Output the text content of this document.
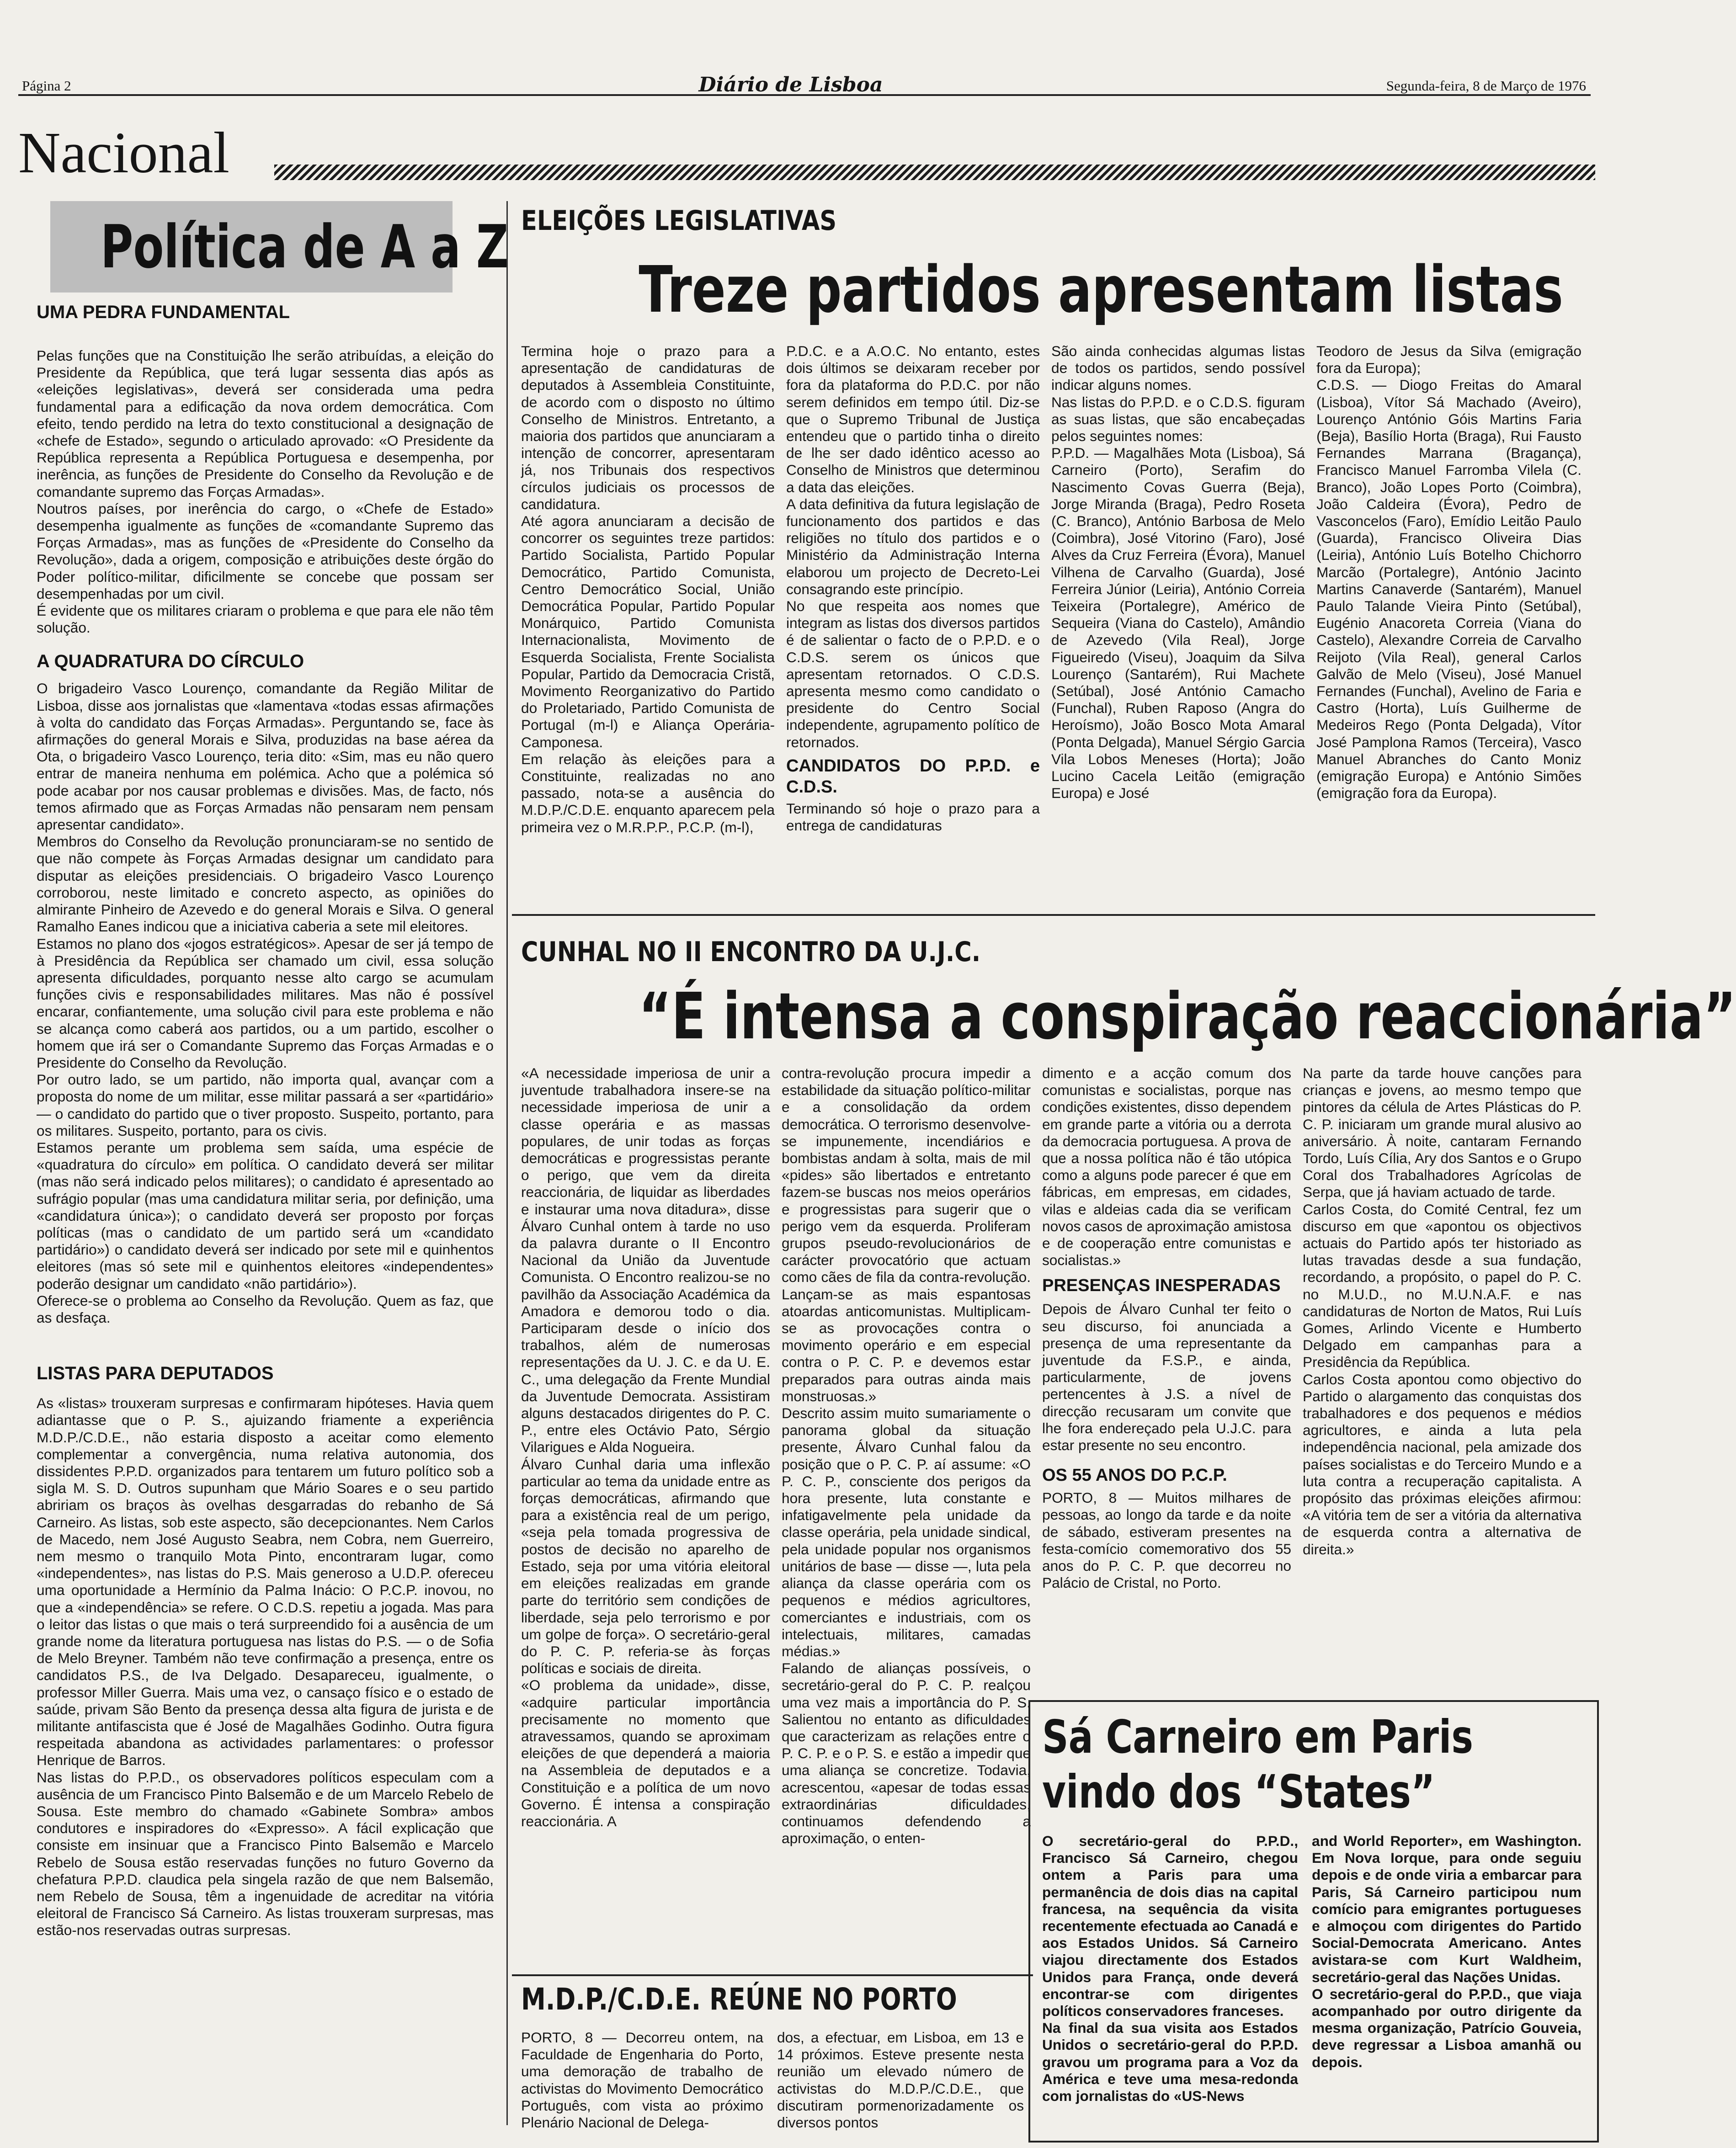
Página 2	Diário de Lisboa	Segunda-feira, 8 de Março de 1976
Nacional
Política de A a Z
UMA PEDRA FUNDAMENTAL

Pelas funções que na Constituição lhe serão atribuídas, a eleição do Presidente da República, que terá lugar sessenta dias após as «eleições legislativas», deverá ser considerada uma pedra fundamental para a edificação da nova ordem democrática. Com efeito, tendo perdido na letra do texto constitucional a designação de «chefe de Estado», segundo o articulado aprovado: «O Presidente da República representa a República Portuguesa e desempenha, por inerência, as funções de Presidente do Conselho da Revolução e de comandante supremo das Forças Armadas».

Noutros países, por inerência do cargo, o «Chefe de Estado» desempenha igualmente as funções de «comandante Supremo das Forças Armadas», mas as funções de «Presidente do Conselho da Revolução», dada a origem, composição e atribuições deste órgão do Poder político-militar, dificilmente se concebe que possam ser desempenhadas por um civil.

É evidente que os militares criaram o problema e que para ele não têm solução.

A QUADRATURA DO CÍRCULO

O brigadeiro Vasco Lourenço, comandante da Região Militar de Lisboa, disse aos jornalistas que «lamentava «todas essas afirmações à volta do candidato das Forças Armadas». Perguntando se, face às afirmações do general Morais e Silva, produzidas na base aérea da Ota, o brigadeiro Vasco Lourenço, teria dito: «Sim, mas eu não quero entrar de maneira nenhuma em polémica. Acho que a polémica só pode acabar por nos causar problemas e divisões. Mas, de facto, nós temos afirmado que as Forças Armadas não pensaram nem pensam apresentar candidato».

Membros do Conselho da Revolução pronunciaram-se no sentido de que não compete às Forças Armadas designar um candidato para disputar as eleições presidenciais. O brigadeiro Vasco Lourenço corroborou, neste limitado e concreto aspecto, as opiniões do almirante Pinheiro de Azevedo e do general Morais e Silva. O general Ramalho Eanes indicou que a iniciativa caberia a sete mil eleitores.

Estamos no plano dos «jogos estratégicos». Apesar de ser já tempo de à Presidência da República ser chamado um civil, essa solução apresenta dificuldades, porquanto nesse alto cargo se acumulam funções civis e responsabilidades militares. Mas não é possível encarar, confiantemente, uma solução civil para este problema e não se alcança como caberá aos partidos, ou a um partido, escolher o homem que irá ser o Comandante Supremo das Forças Armadas e o Presidente do Conselho da Revolução.

Por outro lado, se um partido, não importa qual, avançar com a proposta do nome de um militar, esse militar passará a ser «partidário» — o candidato do partido que o tiver proposto. Suspeito, portanto, para os militares. Suspeito, portanto, para os civis.

Estamos perante um problema sem saída, uma espécie de «quadratura do círculo» em política. O candidato deverá ser militar (mas não será indicado pelos militares); o candidato é apresentado ao sufrágio popular (mas uma candidatura militar seria, por definição, uma «candidatura única»); o candidato deverá ser proposto por forças políticas (mas o candidato de um partido será um «candidato partidário») o candidato deverá ser indicado por sete mil e quinhentos eleitores (mas só sete mil e quinhentos eleitores «independentes» poderão designar um candidato «não partidário»).

Oferece-se o problema ao Conselho da Revolução. Quem as faz, que as desfaça.

LISTAS PARA DEPUTADOS

As «listas» trouxeram surpresas e confirmaram hipóteses. Havia quem adiantasse que o P. S., ajuizando friamente a experiência M.D.P./C.D.E., não estaria disposto a aceitar como elemento complementar a convergência, numa relativa autonomia, dos dissidentes P.P.D. organizados para tentarem um futuro político sob a sigla M. S. D. Outros supunham que Mário Soares e o seu partido abririam os braços às ovelhas desgarradas do rebanho de Sá Carneiro. As listas, sob este aspecto, são decepcionantes. Nem Carlos de Macedo, nem José Augusto Seabra, nem Cobra, nem Guerreiro, nem mesmo o tranquilo Mota Pinto, encontraram lugar, como «independentes», nas listas do P.S. Mais generoso a U.D.P. ofereceu uma oportunidade a Hermínio da Palma Inácio: O P.C.P. inovou, no que a «independência» se refere. O C.D.S. repetiu a jogada. Mas para o leitor das listas o que mais o terá surpreendido foi a ausência de um grande nome da literatura portuguesa nas listas do P.S. — o de Sofia de Melo Breyner. Também não teve confirmação a presença, entre os candidatos P.S., de Iva Delgado. Desapareceu, igualmente, o professor Miller Guerra. Mais uma vez, o cansaço físico e o estado de saúde, privam São Bento da presença dessa alta figura de jurista e de militante antifascista que é José de Magalhães Godinho. Outra figura respeitada abandona as actividades parlamentares: o professor Henrique de Barros.

Nas listas do P.P.D., os observadores políticos especulam com a ausência de um Francisco Pinto Balsemão e de um Marcelo Rebelo de Sousa. Este membro do chamado «Gabinete Sombra» ambos condutores e inspiradores do «Expresso». A fácil explicação que consiste em insinuar que a Francisco Pinto Balsemão e Marcelo Rebelo de Sousa estão reservadas funções no futuro Governo da chefatura P.P.D. claudica pela singela razão de que nem Balsemão, nem Rebelo de Sousa, têm a ingenuidade de acreditar na vitória eleitoral de Francisco Sá Carneiro. As listas trouxeram surpresas, mas estão-nos reservadas outras surpresas.

ELEIÇÕES LEGISLATIVAS
Treze partidos apresentam listas

Termina hoje o prazo para a apresentação de candidaturas de deputados à Assembleia Constituinte, de acordo com o disposto no último Conselho de Ministros. Entretanto, a maioria dos partidos que anunciaram a intenção de concorrer, apresentaram já, nos Tribunais dos respectivos círculos judiciais os processos de candidatura.

Até agora anunciaram a decisão de concorrer os seguintes treze partidos: Partido Socialista, Partido Popular Democrático, Partido Comunista, Centro Democrático Social, União Democrática Popular, Partido Popular Monárquico, Partido Comunista Internacionalista, Movimento de Esquerda Socialista, Frente Socialista Popular, Partido da Democracia Cristã, Movimento Reorganizativo do Partido do Proletariado, Partido Comunista de Portugal (m-l) e Aliança Operária-Camponesa.

Em relação às eleições para a Constituinte, realizadas no ano passado, nota-se a ausência do M.D.P./C.D.E. enquanto aparecem pela primeira vez o M.R.P.P., P.C.P. (m-l),

P.D.C. e a A.O.C. No entanto, estes dois últimos se deixaram receber por fora da plataforma do P.D.C. por não serem definidos em tempo útil. Diz-se que o Supremo Tribunal de Justiça entendeu que o partido tinha o direito de lhe ser dado idêntico acesso ao Conselho de Ministros que determinou a data das eleições.

A data definitiva da futura legislação de funcionamento dos partidos e das religiões no título dos partidos e o Ministério da Administração Interna elaborou um projecto de Decreto-Lei consagrando este princípio.

No que respeita aos nomes que integram as listas dos diversos partidos é de salientar o facto de o P.P.D. e o C.D.S. serem os únicos que apresentam retornados. O C.D.S. apresenta mesmo como candidato o presidente do Centro Social independente, agrupamento político de retornados.

CANDIDATOS DO P.P.D. e C.D.S.

Terminando só hoje o prazo para a entrega de candidaturas

São ainda conhecidas algumas listas de todos os partidos, sendo possível indicar alguns nomes.

Nas listas do P.P.D. e o C.D.S. figuram as suas listas, que são encabeçadas pelos seguintes nomes:

P.P.D. — Magalhães Mota (Lisboa), Sá Carneiro (Porto), Serafim do Nascimento Covas Guerra (Beja), Jorge Miranda (Braga), Pedro Roseta (C. Branco), António Barbosa de Melo (Coimbra), José Vitorino (Faro), José Alves da Cruz Ferreira (Évora), Manuel Vilhena de Carvalho (Guarda), José Ferreira Júnior (Leiria), António Correia Teixeira (Portalegre), Américo de Sequeira (Viana do Castelo), Amândio de Azevedo (Vila Real), Jorge Figueiredo (Viseu), Joaquim da Silva Lourenço (Santarém), Rui Machete (Setúbal), José António Camacho (Funchal), Ruben Raposo (Angra do Heroísmo), João Bosco Mota Amaral (Ponta Delgada), Manuel Sérgio Garcia Vila Lobos Meneses (Horta); João Lucino Cacela Leitão (emigração Europa) e José

Teodoro de Jesus da Silva (emigração fora da Europa);

C.D.S. — Diogo Freitas do Amaral (Lisboa), Vítor Sá Machado (Aveiro), Lourenço António Góis Martins Faria (Beja), Basílio Horta (Braga), Rui Fausto Fernandes Marrana (Bragança), Francisco Manuel Farromba Vilela (C. Branco), João Lopes Porto (Coimbra), João Caldeira (Évora), Pedro de Vasconcelos (Faro), Emídio Leitão Paulo (Guarda), Francisco Oliveira Dias (Leiria), António Luís Botelho Chichorro Marcão (Portalegre), António Jacinto Martins Canaverde (Santarém), Manuel Paulo Talande Vieira Pinto (Setúbal), Eugénio Anacoreta Correia (Viana do Castelo), Alexandre Correia de Carvalho Reijoto (Vila Real), general Carlos Galvão de Melo (Viseu), José Manuel Fernandes (Funchal), Avelino de Faria e Castro (Horta), Luís Guilherme de Medeiros Rego (Ponta Delgada), Vítor José Pamplona Ramos (Terceira), Vasco Manuel Abranches do Canto Moniz (emigração Europa) e António Simões (emigração fora da Europa).

CUNHAL NO II ENCONTRO DA U.J.C.
“É intensa a conspiração reaccionária”

«A necessidade imperiosa de unir a juventude trabalhadora insere-se na necessidade imperiosa de unir a classe operária e as massas populares, de unir todas as forças democráticas e progressistas perante o perigo, que vem da direita reaccionária, de liquidar as liberdades e instaurar uma nova ditadura», disse Álvaro Cunhal ontem à tarde no uso da palavra durante o II Encontro Nacional da União da Juventude Comunista. O Encontro realizou-se no pavilhão da Associação Académica da Amadora e demorou todo o dia. Participaram desde o início dos trabalhos, além de numerosas representações da U. J. C. e da U. E. C., uma delegação da Frente Mundial da Juventude Democrata. Assistiram alguns destacados dirigentes do P. C. P., entre eles Octávio Pato, Sérgio Vilarigues e Alda Nogueira.

Álvaro Cunhal daria uma inflexão particular ao tema da unidade entre as forças democráticas, afirmando que para a existência real de um perigo, «seja pela tomada progressiva de postos de decisão no aparelho de Estado, seja por uma vitória eleitoral em eleições realizadas em grande parte do território sem condições de liberdade, seja pelo terrorismo e por um golpe de força». O secretário-geral do P. C. P. referia-se às forças políticas e sociais de direita.

«O problema da unidade», disse, «adquire particular importância precisamente no momento que atravessamos, quando se aproximam eleições de que dependerá a maioria na Assembleia de deputados e a Constituição e a política de um novo Governo. É intensa a conspiração reaccionária. A

contra-revolução procura impedir a estabilidade da situação político-militar e a consolidação da ordem democrática. O terrorismo desenvolve-se impunemente, incendiários e bombistas andam à solta, mais de mil «pides» são libertados e entretanto fazem-se buscas nos meios operários e progressistas para sugerir que o perigo vem da esquerda. Proliferam grupos pseudo-revolucionários de carácter provocatório que actuam como cães de fila da contra-revolução. Lançam-se as mais espantosas atoardas anticomunistas. Multiplicam-se as provocações contra o movimento operário e em especial contra o P. C. P. e devemos estar preparados para outras ainda mais monstruosas.»

Descrito assim muito sumariamente o panorama global da situação presente, Álvaro Cunhal falou da posição que o P. C. P. aí assume: «O P. C. P., consciente dos perigos da hora presente, luta constante e infatigavelmente pela unidade da classe operária, pela unidade sindical, pela unidade popular nos organismos unitários de base — disse —, luta pela aliança da classe operária com os pequenos e médios agricultores, comerciantes e industriais, com os intelectuais, militares, camadas médias.»

Falando de alianças possíveis, o secretário-geral do P. C. P. realçou uma vez mais a importância do P. S. Salientou no entanto as dificuldades que caracterizam as relações entre o P. C. P. e o P. S. e estão a impedir que uma aliança se concretize. Todavia, acrescentou, «apesar de todas essas extraordinárias dificuldades, continuamos defendendo a aproximação, o enten-

dimento e a acção comum dos comunistas e socialistas, porque nas condições existentes, disso dependem em grande parte a vitória ou a derrota da democracia portuguesa. A prova de que a nossa política não é tão utópica como a alguns pode parecer é que em fábricas, em empresas, em cidades, vilas e aldeias cada dia se verificam novos casos de aproximação amistosa e de cooperação entre comunistas e socialistas.»

PRESENÇAS INESPERADAS

Depois de Álvaro Cunhal ter feito o seu discurso, foi anunciada a presença de uma representante da juventude da F.S.P., e ainda, particularmente, de jovens pertencentes à J.S. a nível de direcção recusaram um convite que lhe fora endereçado pela U.J.C. para estar presente no seu encontro.

OS 55 ANOS DO P.C.P.

PORTO, 8 — Muitos milhares de pessoas, ao longo da tarde e da noite de sábado, estiveram presentes na festa-comício comemorativo dos 55 anos do P. C. P. que decorreu no Palácio de Cristal, no Porto.

Na parte da tarde houve canções para crianças e jovens, ao mesmo tempo que pintores da célula de Artes Plásticas do P. C. P. iniciaram um grande mural alusivo ao aniversário. À noite, cantaram Fernando Tordo, Luís Cília, Ary dos Santos e o Grupo Coral dos Trabalhadores Agrícolas de Serpa, que já haviam actuado de tarde.

Carlos Costa, do Comité Central, fez um discurso em que «apontou os objectivos actuais do Partido após ter historiado as lutas travadas desde a sua fundação, recordando, a propósito, o papel do P. C. no M.U.D., no M.U.N.A.F. e nas candidaturas de Norton de Matos, Rui Luís Gomes, Arlindo Vicente e Humberto Delgado em campanhas para a Presidência da República.

Carlos Costa apontou como objectivo do Partido o alargamento das conquistas dos trabalhadores e dos pequenos e médios agricultores, e ainda a luta pela independência nacional, pela amizade dos países socialistas e do Terceiro Mundo e a luta contra a recuperação capitalista. A propósito das próximas eleições afirmou: «A vitória tem de ser a vitória da alternativa de esquerda contra a alternativa de direita.»

M.D.P./C.D.E. REÚNE NO PORTO

PORTO, 8 — Decorreu ontem, na Faculdade de Engenharia do Porto, uma demoração de trabalho de activistas do Movimento Democrático Português, com vista ao próximo Plenário Nacional de Delega-

dos, a efectuar, em Lisboa, em 13 e 14 próximos. Esteve presente nesta reunião um elevado número de activistas do M.D.P./C.D.E., que discutiram pormenorizadamente os diversos pontos

Sá Carneiro em Paris
vindo dos “States”

O secretário-geral do P.P.D., Francisco Sá Carneiro, chegou ontem a Paris para uma permanência de dois dias na capital francesa, na sequência da visita recentemente efectuada ao Canadá e aos Estados Unidos. Sá Carneiro viajou directamente dos Estados Unidos para França, onde deverá encontrar-se com dirigentes políticos conservadores franceses.

Na final da sua visita aos Estados Unidos o secretário-geral do P.P.D. gravou um programa para a Voz da América e teve uma mesa-redonda com jornalistas do «US-News

and World Reporter», em Washington. Em Nova Iorque, para onde seguiu depois e de onde viria a embarcar para Paris, Sá Carneiro participou num comício para emigrantes portugueses e almoçou com dirigentes do Partido Social-Democrata Americano. Antes avistara-se com Kurt Waldheim, secretário-geral das Nações Unidas.

O secretário-geral do P.P.D., que viaja acompanhado por outro dirigente da mesma organização, Patrício Gouveia, deve regressar a Lisboa amanhã ou depois.
